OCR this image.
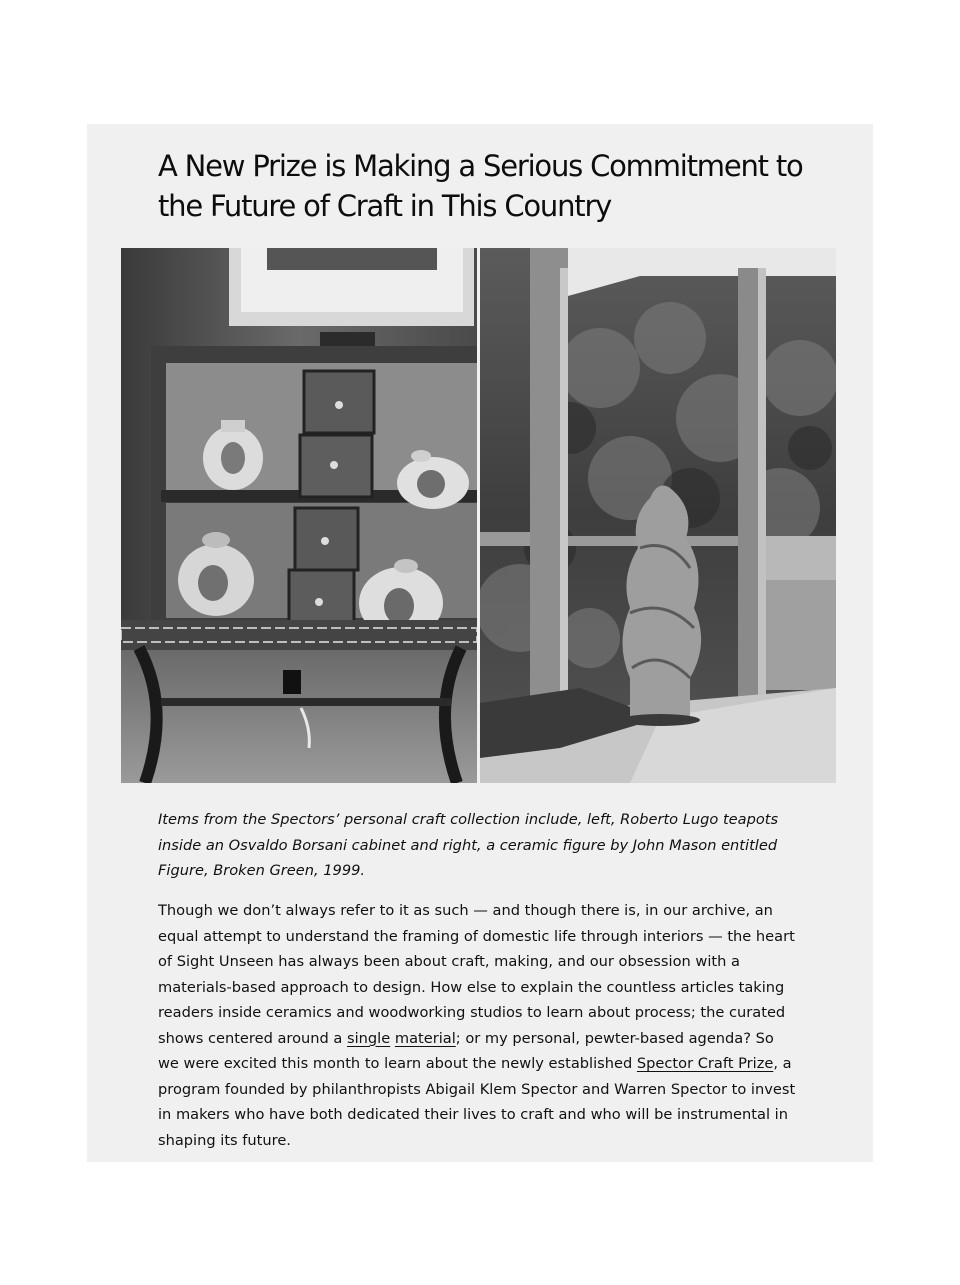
A New Prize is Making a Serious Commitment to the Future of Craft in This Country

Items from the Spectors’ personal craft collection include, left, Roberto Lugo teapots inside an Osvaldo Borsani cabinet and right, a ceramic figure by John Mason entitled Figure, Broken Green, 1999.

Though we don’t always refer to it as such — and though there is, in our archive, an equal attempt to understand the framing of domestic life through interiors — the heart of Sight Unseen has always been about craft, making, and our obsession with a materials-based approach to design. How else to explain the countless articles taking readers inside ceramics and woodworking studios to learn about process; the curated shows centered around a single material; or my personal, pewter-based agenda? So we were excited this month to learn about the newly established Spector Craft Prize, a program founded by philanthropists Abigail Klem Spector and Warren Spector to invest in makers who have both dedicated their lives to craft and who will be instrumental in shaping its future.
